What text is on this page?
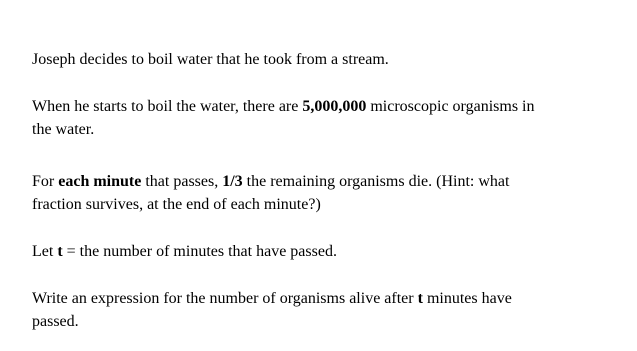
Joseph decides to boil water that he took from a stream.

When he starts to boil the water, there are 5,000,000 microscopic organisms in
the water.

For each minute that passes, 1/3 the remaining organisms die. (Hint: what
fraction survives, at the end of each minute?)

Let t = the number of minutes that have passed.

Write an expression for the number of organisms alive after t minutes have
passed.
